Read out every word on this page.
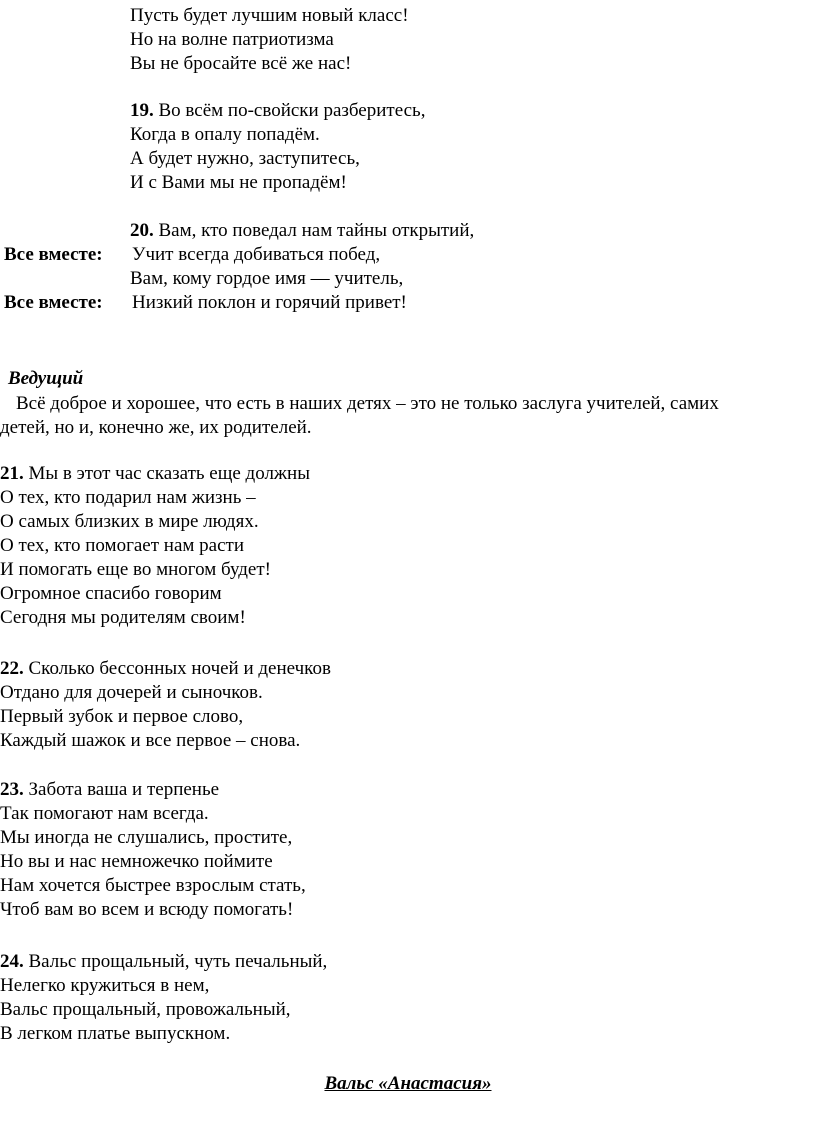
Пусть будет лучшим новый класс!
Но на волне патриотизма
Вы не бросайте всё же нас!
19. Во всём по-свойски разберитесь,
Когда в опалу попадём.
А будет нужно, заступитесь,
И с Вами мы не пропадём!
20. Вам, кто поведал нам тайны открытий,
Все вместе: Учит всегда добиваться побед,
Вам, кому гордое имя — учитель,
Все вместе: Низкий поклон и горячий привет!
Ведущий
Всё доброе и хорошее, что есть в наших детях – это не только заслуга учителей, самих
детей, но и, конечно же, их родителей.
21. Мы в этот час сказать еще должны
О тех, кто подарил нам жизнь –
О самых близких в мире людях.
О тех, кто помогает нам расти
И помогать еще во многом будет!
Огромное спасибо говорим
Сегодня мы родителям своим!
22. Сколько бессонных ночей и денечков
Отдано для дочерей и сыночков.
Первый зубок и первое слово,
Каждый шажок и все первое – снова.
23. Забота ваша и терпенье
Так помогают нам всегда.
Мы иногда не слушались, простите,
Но вы и нас немножечко поймите
Нам хочется быстрее взрослым стать,
Чтоб вам во всем и всюду помогать!
24. Вальс прощальный, чуть печальный,
Нелегко кружиться в нем,
Вальс прощальный, провожальный,
В легком платье выпускном.
Вальс «Анастасия»
